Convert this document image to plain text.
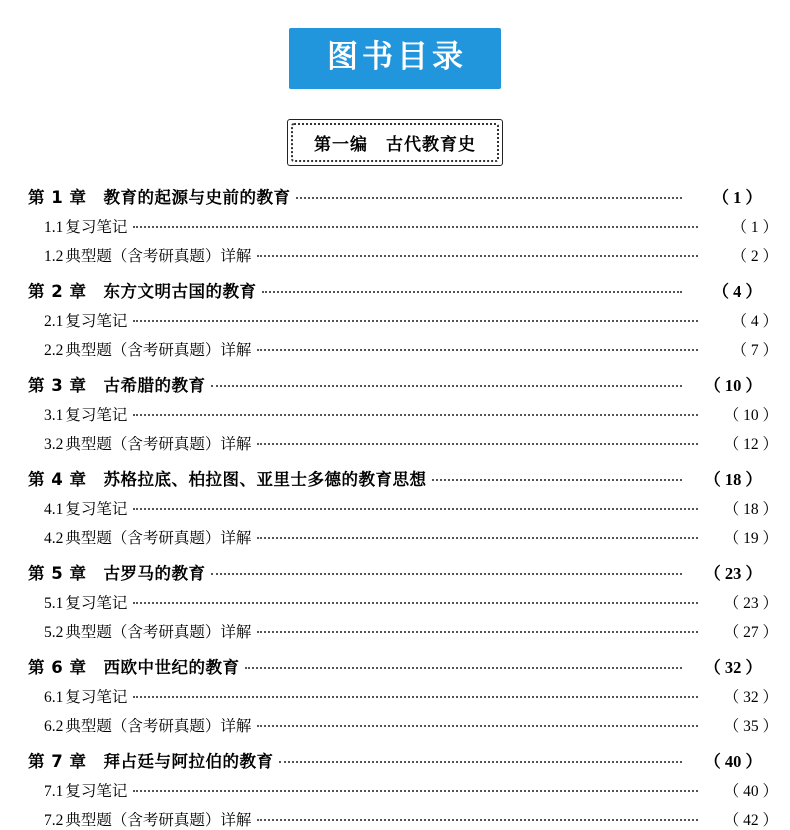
图书目录
第一编　古代教育史
第 1 章　教育的起源与史前的教育	（ 1 ）
1.1 复习笔记	（ 1 ）
1.2 典型题（含考研真题）详解	（ 2 ）
第 2 章　东方文明古国的教育	（ 4 ）
2.1 复习笔记	（ 4 ）
2.2 典型题（含考研真题）详解	（ 7 ）
第 3 章　古希腊的教育	（ 10 ）
3.1 复习笔记	（ 10 ）
3.2 典型题（含考研真题）详解	（ 12 ）
第 4 章　苏格拉底、柏拉图、亚里士多德的教育思想	（ 18 ）
4.1 复习笔记	（ 18 ）
4.2 典型题（含考研真题）详解	（ 19 ）
第 5 章　古罗马的教育	（ 23 ）
5.1 复习笔记	（ 23 ）
5.2 典型题（含考研真题）详解	（ 27 ）
第 6 章　西欧中世纪的教育	（ 32 ）
6.1 复习笔记	（ 32 ）
6.2 典型题（含考研真题）详解	（ 35 ）
第 7 章　拜占廷与阿拉伯的教育	（ 40 ）
7.1 复习笔记	（ 40 ）
7.2 典型题（含考研真题）详解	（ 42 ）
